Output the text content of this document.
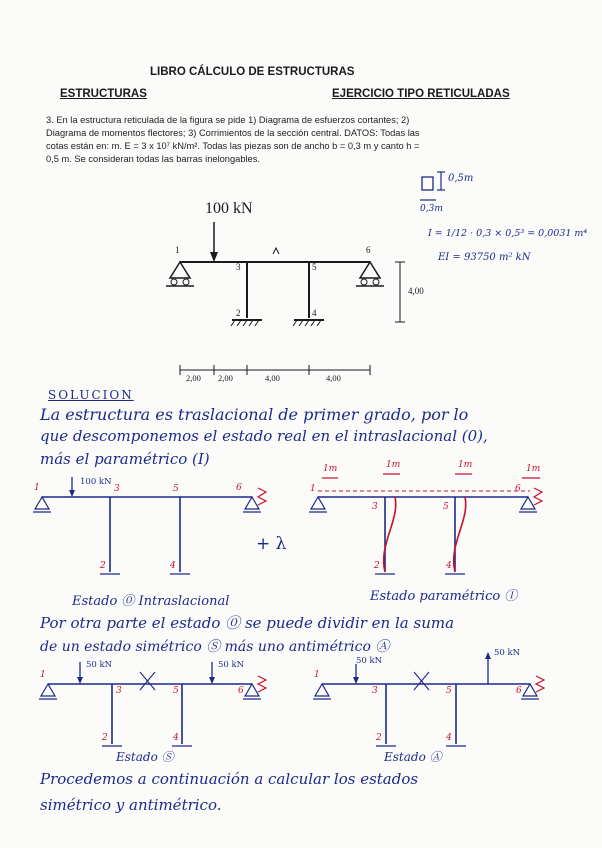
LIBRO CÁLCULO DE ESTRUCTURAS
ESTRUCTURAS	EJERCICIO TIPO RETICULADAS
3. En la estructura reticulada de la figura se pide 1) Diagrama de esfuerzos cortantes; 2)
Diagrama de momentos flectores; 3) Corrimientos de la sección central. DATOS: Todas las
cotas están en: m. E = 3 x 10⁷ kN/m². Todas las piezas son de ancho b = 0,3 m y canto h =
0,5 m. Se consideran todas las barras inelongables.
100 kN
1
2
3
4
5
6
4,00
2,00 2,00	4,00	4,00
0,5m
0,3m
I = 1/12 · 0,3 × 0,5³ = 0,0031 m⁴
EI = 93750 m² kN
SOLUCION
La estructura es traslacional de primer grado, por lo
que descomponemos el estado real en el intraslacional (0),
más el paramétrico (I)
100 kN
1	3	5	6
2	4
Estado ⓪ Intraslacional
+ λ
1m	1m	1m	1m
1
3	5
6
2	4
Estado paramétrico Ⓘ
Por otra parte el estado ⓪ se puede dividir en la suma
de un estado simétrico Ⓢ más uno antimétrico Ⓐ
50 kN	50 kN
1
3	5	6
2	4
Estado Ⓢ
50 kN
50 kN
1
3	5	6
2	4
Estado Ⓐ
Procedemos a continuación a calcular los estados
simétrico y antimétrico.
